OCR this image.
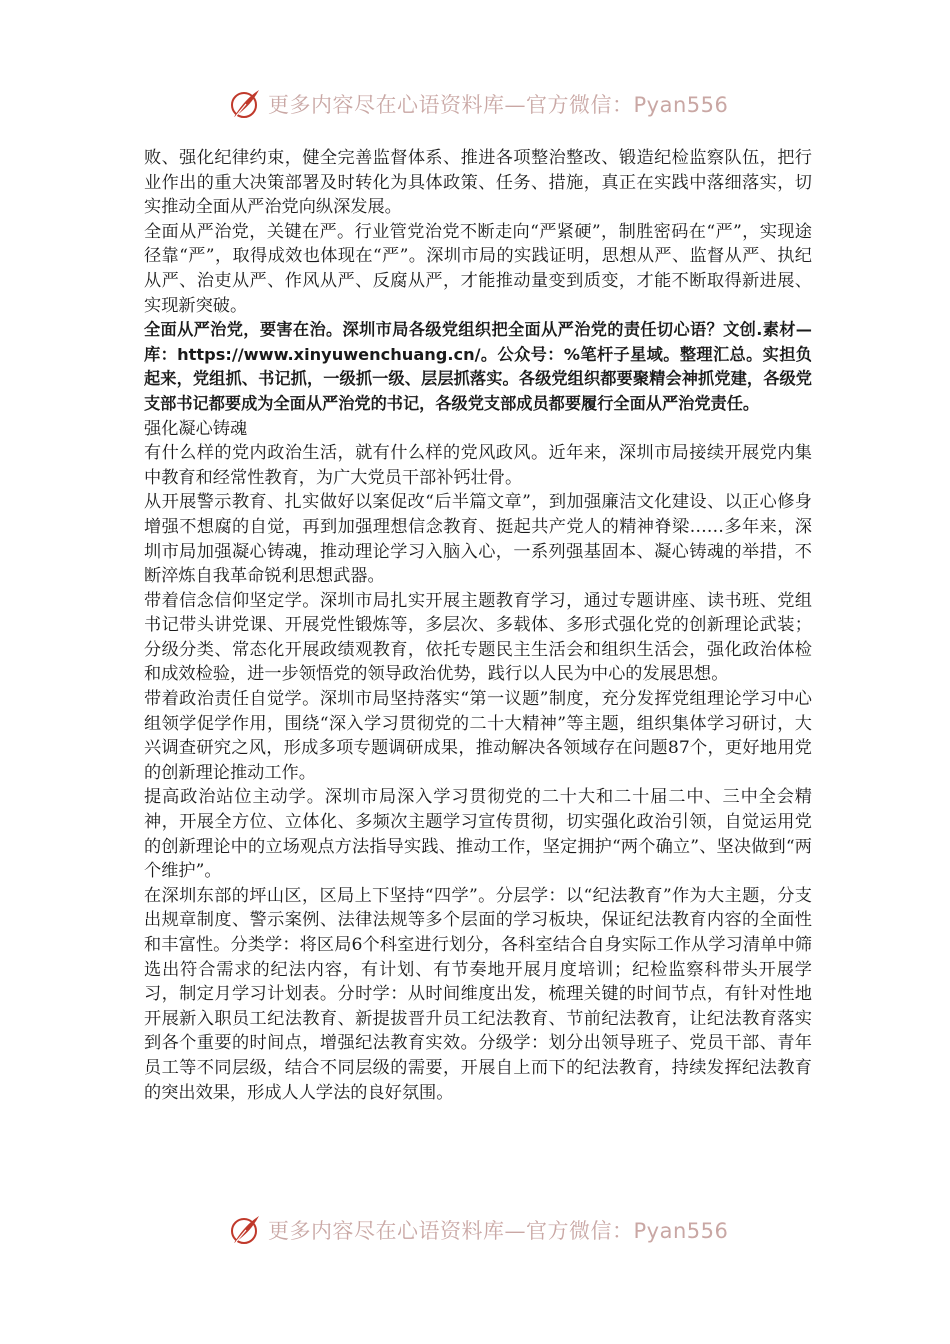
更多内容尽在心语资料库—官方微信：Pyan556

败、强化纪律约束，健全完善监督体系、推进各项整治整改、锻造纪检监察队伍，把行业作出的重大决策部署及时转化为具体政策、任务、措施，真正在实践中落细落实，切实推动全面从严治党向纵深发展。

全面从严治党，关键在严。行业管党治党不断走向“严紧硬”，制胜密码在“严”，实现途径靠“严”，取得成效也体现在“严”。深圳市局的实践证明，思想从严、监督从严、执纪从严、治吏从严、作风从严、反腐从严，才能推动量变到质变，才能不断取得新进展、实现新突破。

全面从严治党，要害在治。深圳市局各级党组织把全面从严治党的责任切心语？文创.素材—库：https://www.xinyuwenchuang.cn/。公众号：%笔杆子星域。整理汇总。实担负起来，党组抓、书记抓，一级抓一级、层层抓落实。各级党组织都要聚精会神抓党建，各级党支部书记都要成为全面从严治党的书记，各级党支部成员都要履行全面从严治党责任。

强化凝心铸魂

有什么样的党内政治生活，就有什么样的党风政风。近年来，深圳市局接续开展党内集中教育和经常性教育，为广大党员干部补钙壮骨。

从开展警示教育、扎实做好以案促改“后半篇文章”，到加强廉洁文化建设、以正心修身增强不想腐的自觉，再到加强理想信念教育、挺起共产党人的精神脊梁……多年来，深圳市局加强凝心铸魂，推动理论学习入脑入心，一系列强基固本、凝心铸魂的举措，不断淬炼自我革命锐利思想武器。

带着信念信仰坚定学。深圳市局扎实开展主题教育学习，通过专题讲座、读书班、党组书记带头讲党课、开展党性锻炼等，多层次、多载体、多形式强化党的创新理论武装；分级分类、常态化开展政绩观教育，依托专题民主生活会和组织生活会，强化政治体检和成效检验，进一步领悟党的领导政治优势，践行以人民为中心的发展思想。

带着政治责任自觉学。深圳市局坚持落实“第一议题”制度，充分发挥党组理论学习中心组领学促学作用，围绕“深入学习贯彻党的二十大精神”等主题，组织集体学习研讨，大兴调查研究之风，形成多项专题调研成果，推动解决各领域存在问题87个，更好地用党的创新理论推动工作。

提高政治站位主动学。深圳市局深入学习贯彻党的二十大和二十届二中、三中全会精神，开展全方位、立体化、多频次主题学习宣传贯彻，切实强化政治引领，自觉运用党的创新理论中的立场观点方法指导实践、推动工作，坚定拥护“两个确立”、坚决做到“两个维护”。

在深圳东部的坪山区，区局上下坚持“四学”。分层学：以“纪法教育”作为大主题，分支出规章制度、警示案例、法律法规等多个层面的学习板块，保证纪法教育内容的全面性和丰富性。分类学：将区局6个科室进行划分，各科室结合自身实际工作从学习清单中筛选出符合需求的纪法内容，有计划、有节奏地开展月度培训；纪检监察科带头开展学习，制定月学习计划表。分时学：从时间维度出发，梳理关键的时间节点，有针对性地开展新入职员工纪法教育、新提拔晋升员工纪法教育、节前纪法教育，让纪法教育落实到各个重要的时间点，增强纪法教育实效。分级学：划分出领导班子、党员干部、青年员工等不同层级，结合不同层级的需要，开展自上而下的纪法教育，持续发挥纪法教育的突出效果，形成人人学法的良好氛围。

更多内容尽在心语资料库—官方微信：Pyan556
